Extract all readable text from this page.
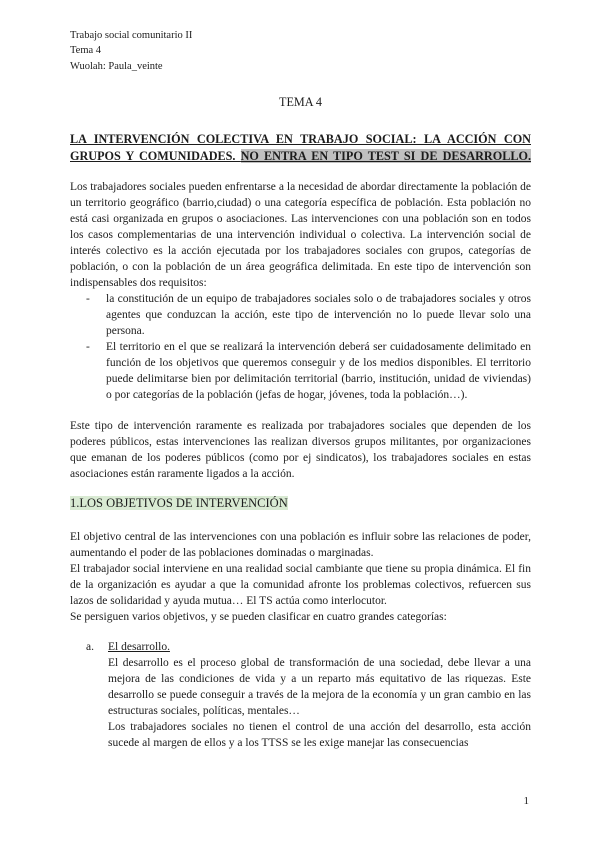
Trabajo social comunitario II
Tema 4
Wuolah: Paula_veinte
TEMA 4
LA INTERVENCIÓN COLECTIVA EN TRABAJO SOCIAL: LA ACCIÓN CON
GRUPOS Y COMUNIDADES. NO ENTRA EN TIPO TEST SI DE DESARROLLO.

Los trabajadores sociales pueden enfrentarse a la necesidad de abordar directamente la población de un territorio geográfico (barrio,ciudad) o una categoría específica de población. Esta población no está casi organizada en grupos o asociaciones. Las intervenciones con una población son en todos los casos complementarias de una intervención individual o colectiva. La intervención social de interés colectivo es la acción ejecutada por los trabajadores sociales con grupos, categorías de población, o con la población de un área geográfica delimitada. En este tipo de intervención son indispensables dos requisitos:

-	la constitución de un equipo de trabajadores sociales solo o de trabajadores sociales y otros agentes que conduzcan la acción, este tipo de intervención no lo puede llevar solo una persona.

-	El territorio en el que se realizará la intervención deberá ser cuidadosamente delimitado en función de los objetivos que queremos conseguir y de los medios disponibles. El territorio puede delimitarse bien por delimitación territorial (barrio, institución, unidad de viviendas) o por categorías de la población (jefas de hogar, jóvenes, toda la población…).

Este tipo de intervención raramente es realizada por trabajadores sociales que dependen de los poderes públicos, estas intervenciones las realizan diversos grupos militantes, por organizaciones que emanan de los poderes públicos (como por ej sindicatos), los trabajadores sociales en estas asociaciones están raramente ligados a la acción.

1.LOS OBJETIVOS DE INTERVENCIÓN

El objetivo central de las intervenciones con una población es influir sobre las relaciones de poder, aumentando el poder de las poblaciones dominadas o marginadas.

El trabajador social interviene en una realidad social cambiante que tiene su propia dinámica. El fin de la organización es ayudar a que la comunidad afronte los problemas colectivos, refuercen sus lazos de solidaridad y ayuda mutua… El TS actúa como interlocutor.

Se persiguen varios objetivos, y se pueden clasificar en cuatro grandes categorías:

a.	El desarrollo.

El desarrollo es el proceso global de transformación de una sociedad, debe llevar a una mejora de las condiciones de vida y a un reparto más equitativo de las riquezas. Este desarrollo se puede conseguir a través de la mejora de la economía y un gran cambio en las estructuras sociales, políticas, mentales…

Los trabajadores sociales no tienen el control de una acción del desarrollo, esta acción sucede al margen de ellos y a los TTSS se les exige manejar las consecuencias

1
